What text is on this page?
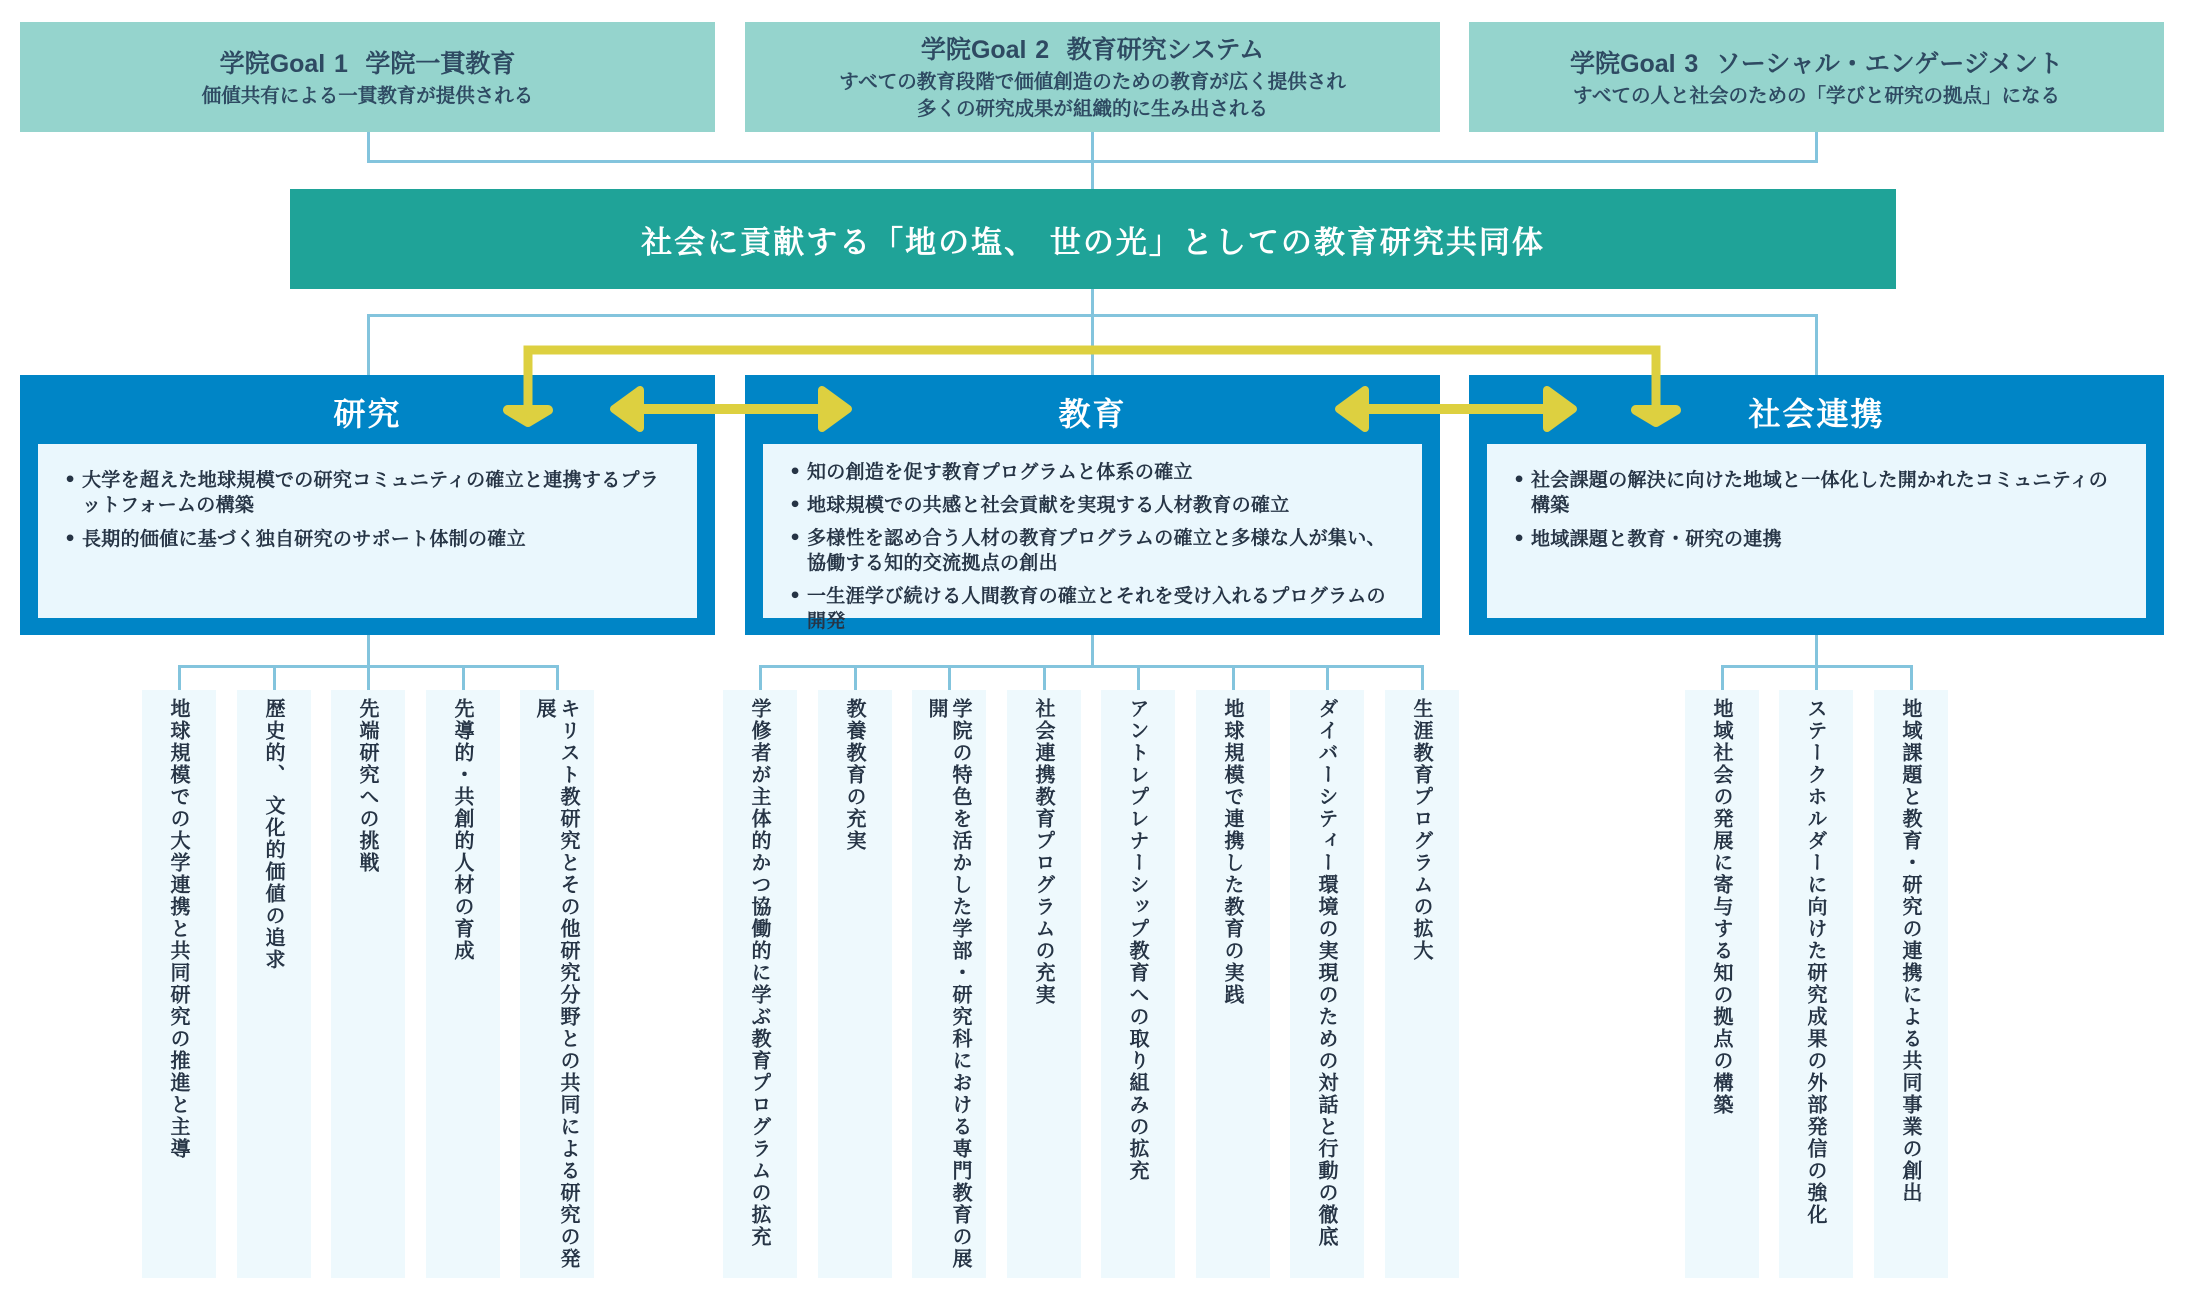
学院Goal 1 学院一貫教育
価値共有による一貫教育が提供される
学院Goal 2 教育研究システム
すべての教育段階で価値創造のための教育が広く提供され
多くの研究成果が組織的に生み出される
学院Goal 3 ソーシャル・エンゲージメント
すべての人と社会のための「学びと研究の拠点」になる
社会に貢献する「地の塩、 世の光」としての教育研究共同体
研究
• 大学を超えた地球規模での研究コミュニティの確立と連携するプラットフォームの構築
• 長期的価値に基づく独自研究のサポート体制の確立
教育
• 知の創造を促す教育プログラムと体系の確立
• 地球規模での共感と社会貢献を実現する人材教育の確立
• 多様性を認め合う人材の教育プログラムの確立と多様な人が集い、協働する知的交流拠点の創出
• 一生涯学び続ける人間教育の確立とそれを受け入れるプログラムの開発
社会連携
• 社会課題の解決に向けた地域と一体化した開かれたコミュニティの構築
• 地域課題と教育・研究の連携
地球規模での大学連携と共同研究の推進と主導	歴史的、 文化的価値の追求	先端研究への挑戦	先導的・共創的人材の育成	キリスト教研究とその他研究分野との共同による研究の発展	学修者が主体的かつ協働的に学ぶ教育プログラムの拡充	教養教育の充実	学院の特色を活かした学部・研究科における専門教育の展開	社会連携教育プログラムの充実	アントレプレナーシップ教育への取り組みの拡充	地球規模で連携した教育の実践	ダイバーシティー環境の実現のための対話と行動の徹底	生涯教育プログラムの拡大	地域社会の発展に寄与する知の拠点の構築	ステークホルダーに向けた研究成果の外部発信の強化	地域課題と教育・研究の連携による共同事業の創出
